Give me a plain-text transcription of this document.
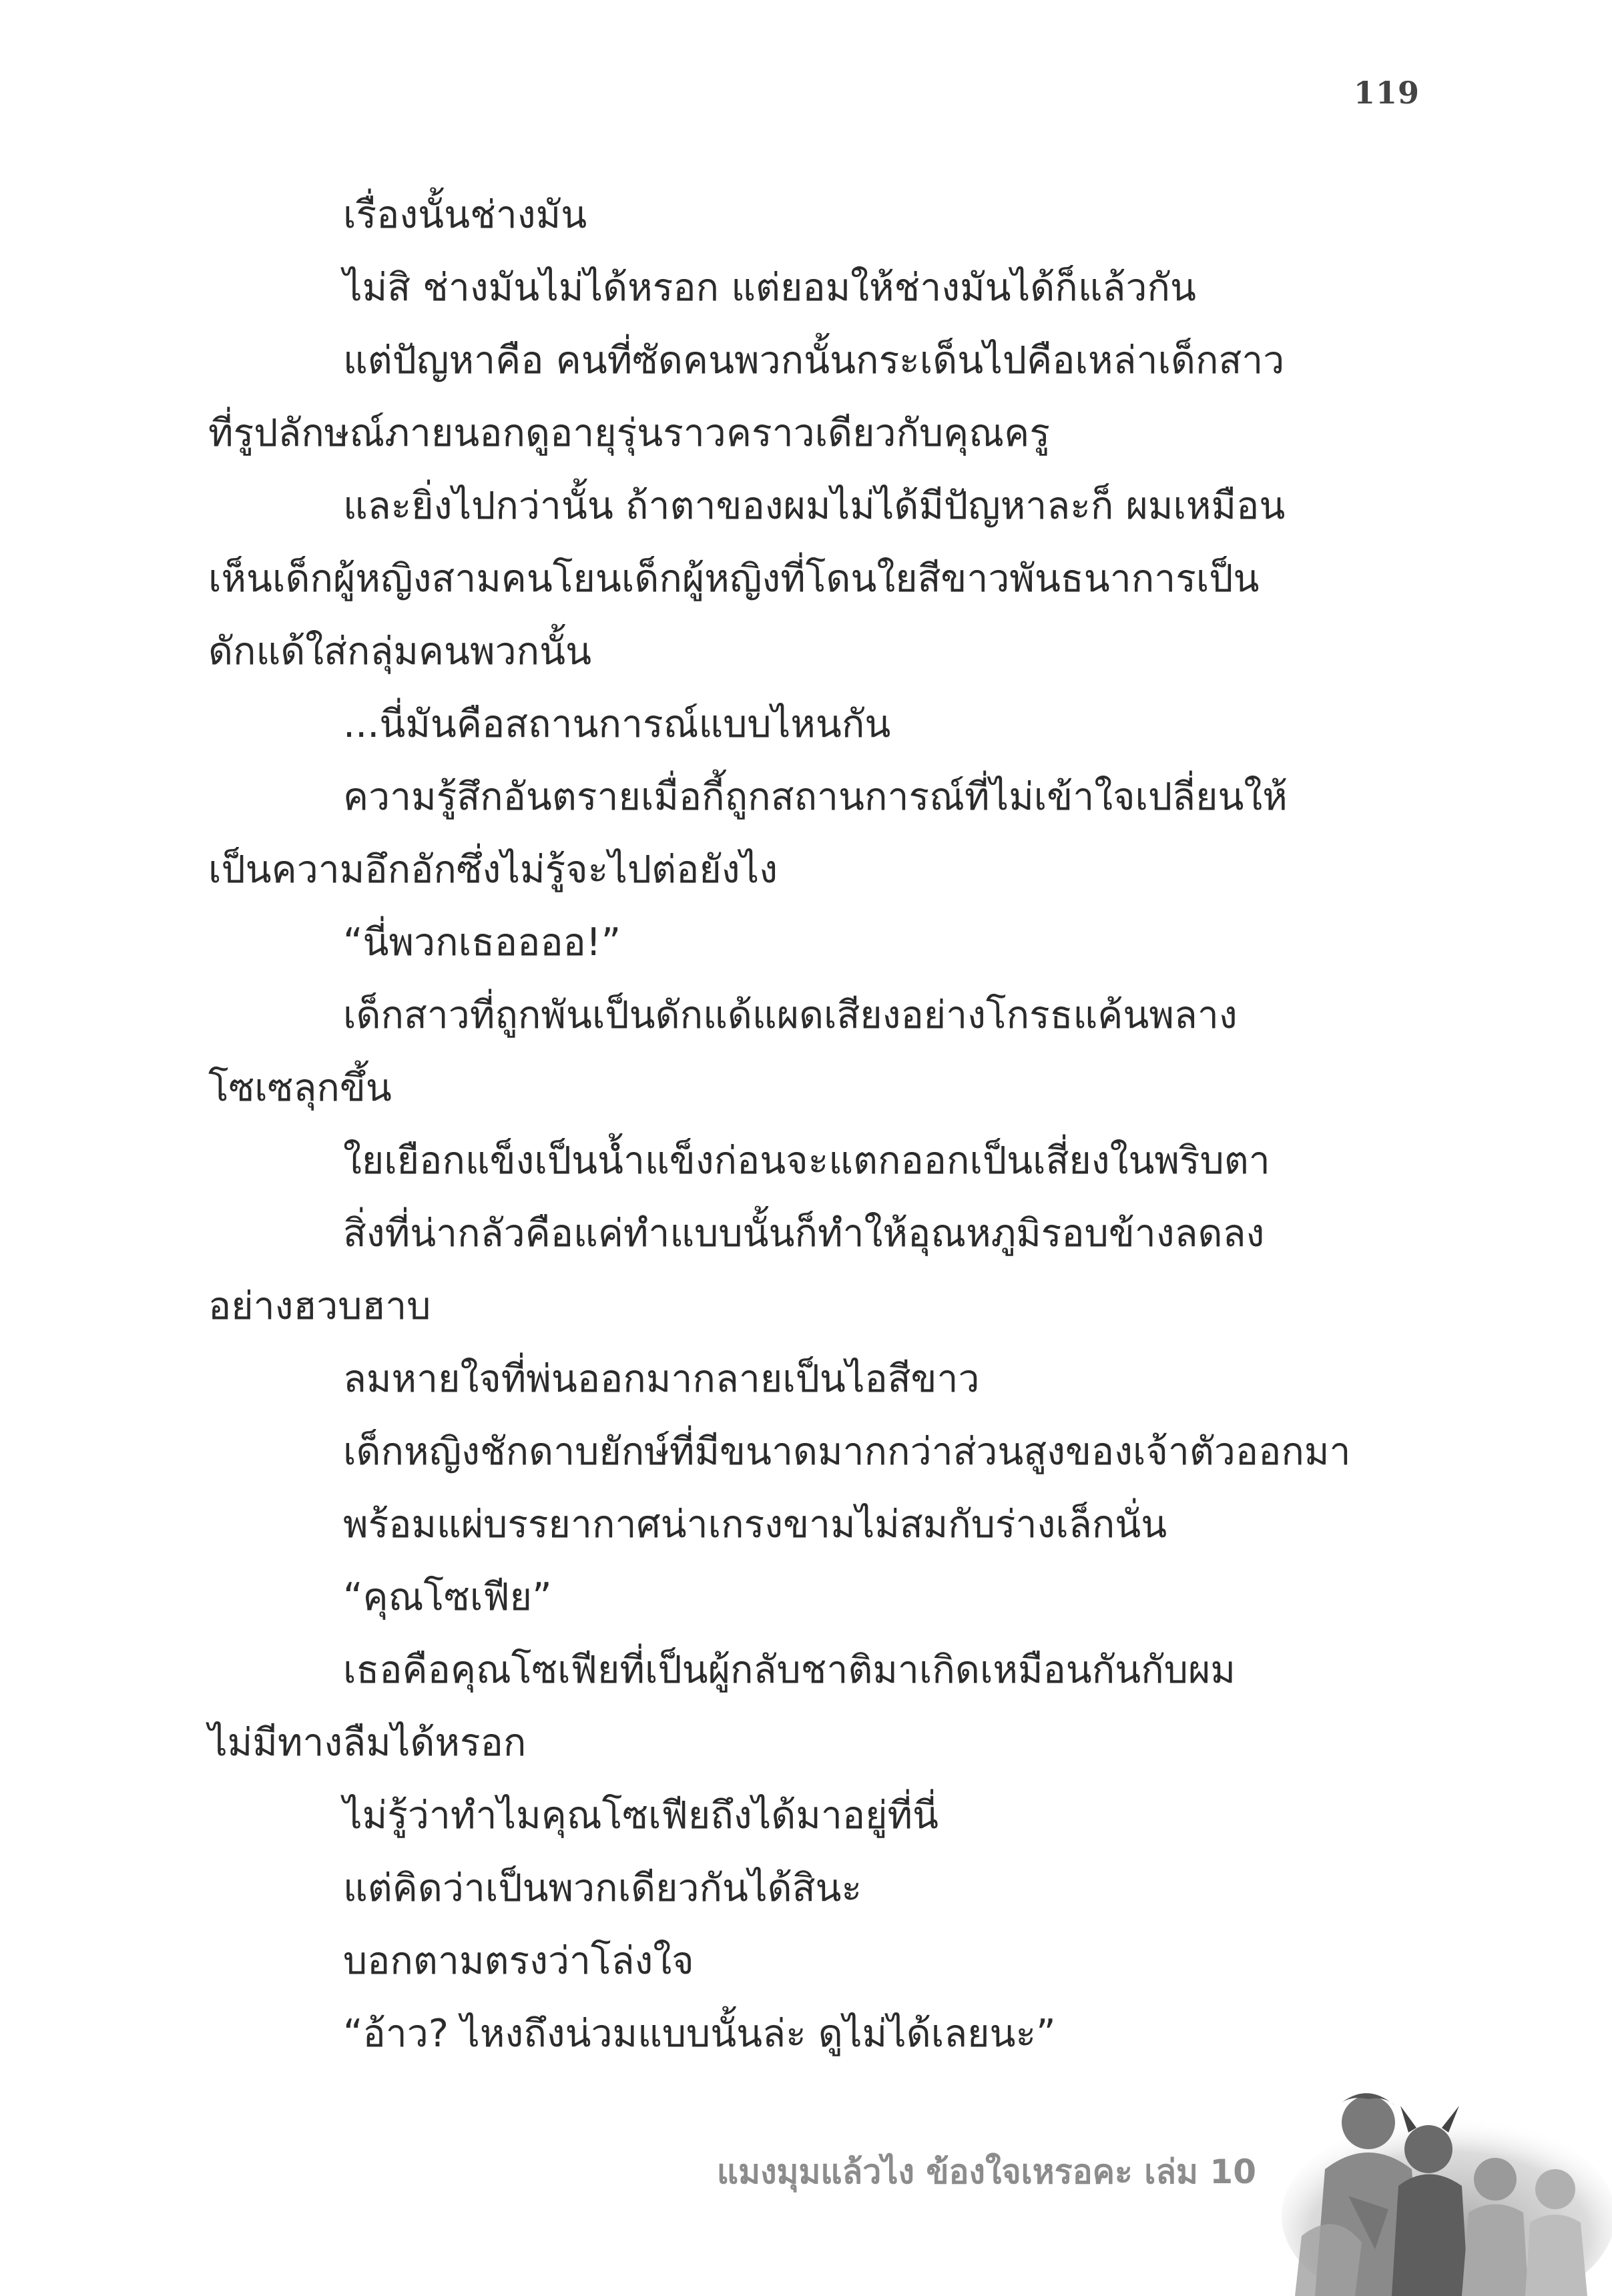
119

เรื่องนั้นช่างมัน

ไม่สิ ช่างมันไม่ได้หรอก แต่ยอมให้ช่างมันได้ก็แล้วกัน

แต่ปัญหาคือ คนที่ซัดคนพวกนั้นกระเด็นไปคือเหล่าเด็กสาว

ที่รูปลักษณ์ภายนอกดูอายุรุ่นราวคราวเดียวกับคุณครู

และยิ่งไปกว่านั้น ถ้าตาของผมไม่ได้มีปัญหาละก็ ผมเหมือน

เห็นเด็กผู้หญิงสามคนโยนเด็กผู้หญิงที่โดนใยสีขาวพันธนาการเป็น

ดักแด้ใส่กลุ่มคนพวกนั้น

...นี่มันคือสถานการณ์แบบไหนกัน

ความรู้สึกอันตรายเมื่อกี้ถูกสถานการณ์ที่ไม่เข้าใจเปลี่ยนให้

เป็นความอึกอักซึ่งไม่รู้จะไปต่อยังไง

“นี่พวกเธออออ!”

เด็กสาวที่ถูกพันเป็นดักแด้แผดเสียงอย่างโกรธแค้นพลาง

โซเซลุกขึ้น

ใยเยือกแข็งเป็นน้ำแข็งก่อนจะแตกออกเป็นเสี่ยงในพริบตา

สิ่งที่น่ากลัวคือแค่ทำแบบนั้นก็ทำให้อุณหภูมิรอบข้างลดลง

อย่างฮวบฮาบ

ลมหายใจที่พ่นออกมากลายเป็นไอสีขาว

เด็กหญิงชักดาบยักษ์ที่มีขนาดมากกว่าส่วนสูงของเจ้าตัวออกมา

พร้อมแผ่บรรยากาศน่าเกรงขามไม่สมกับร่างเล็กนั่น

“คุณโซเฟีย”

เธอคือคุณโซเฟียที่เป็นผู้กลับชาติมาเกิดเหมือนกันกับผม

ไม่มีทางลืมได้หรอก

ไม่รู้ว่าทำไมคุณโซเฟียถึงได้มาอยู่ที่นี่

แต่คิดว่าเป็นพวกเดียวกันได้สินะ

บอกตามตรงว่าโล่งใจ

“อ้าว? ไหงถึงน่วมแบบนั้นล่ะ ดูไม่ได้เลยนะ”

แมงมุมแล้วไง ข้องใจเหรอคะ เล่ม 10
